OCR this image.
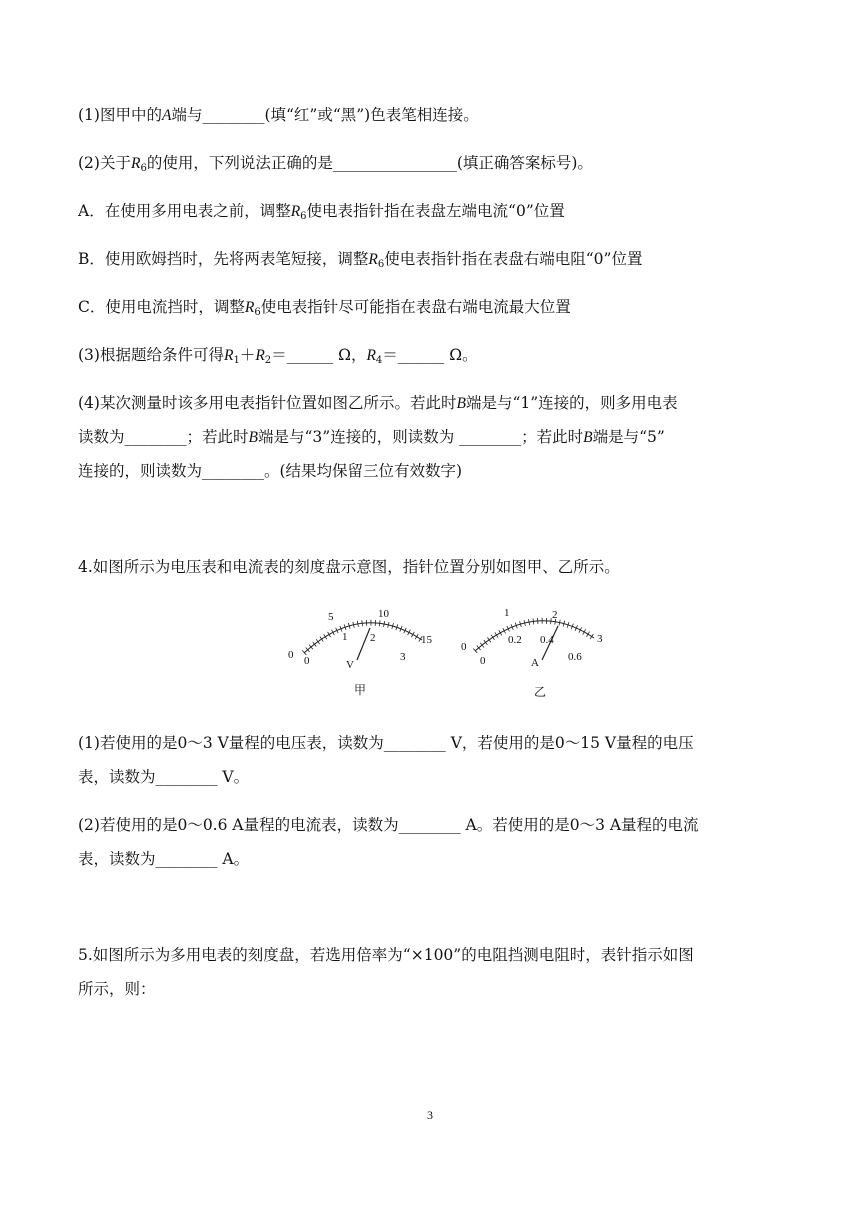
(1)图甲中的A端与________(填“红”或“黑”)色表笔相连接。
(2)关于$R_6$的使用，下列说法正确的是________________(填正确答案标号)。
A．在使用多用电表之前，调整$R_6$使电表指针指在表盘左端电流“0”位置
B．使用欧姆挡时，先将两表笔短接，调整$R_6$使电表指针指在表盘右端电阻“0”位置
C．使用电流挡时，调整$R_6$使电表指针尽可能指在表盘右端电流最大位置
(3)根据题给条件可得$R_1+R_2=\_\_\_\_\_\_$ Ω，$R_4=\_\_\_\_\_\_$ Ω。
(4)某次测量时该多用电表指针位置如图乙所示。若此时B端是与“1”连接的，则多用电表
读数为________；若此时B端是与“3”连接的，则读数为 ________；若此时B端是与“5”
连接的，则读数为________。(结果均保留三位有效数字)
4.如图所示为电压表和电流表的刻度盘示意图，指针位置分别如图甲、乙所示。
0
5	10
15
0
1 2
3
V
甲
0
1	2
3
0
0.2 0.4
0.6
A
乙
(1)若使用的是0～3 V量程的电压表，读数为________ V，若使用的是0～15 V量程的电压
表，读数为________ V。
(2)若使用的是0～0.6 A量程的电流表，读数为________ A。若使用的是0～3 A量程的电流
表，读数为________ A。
5.如图所示为多用电表的刻度盘，若选用倍率为“×100”的电阻挡测电阻时，表针指示如图
所示，则：
3
